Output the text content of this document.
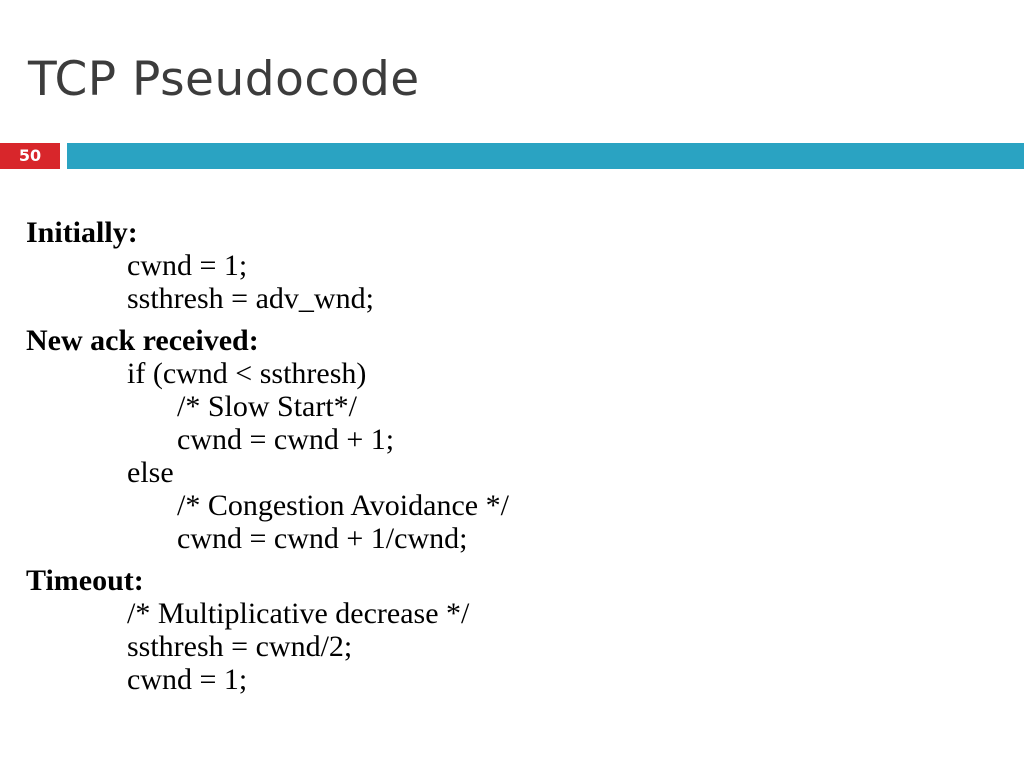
TCP Pseudocode
50
Initially:
cwnd = 1;
ssthresh = adv_wnd;
New ack received:
if (cwnd < ssthresh)
/* Slow Start*/
cwnd = cwnd + 1;
else
/* Congestion Avoidance */
cwnd = cwnd + 1/cwnd;
Timeout:
/* Multiplicative decrease */
ssthresh = cwnd/2;
cwnd = 1;
